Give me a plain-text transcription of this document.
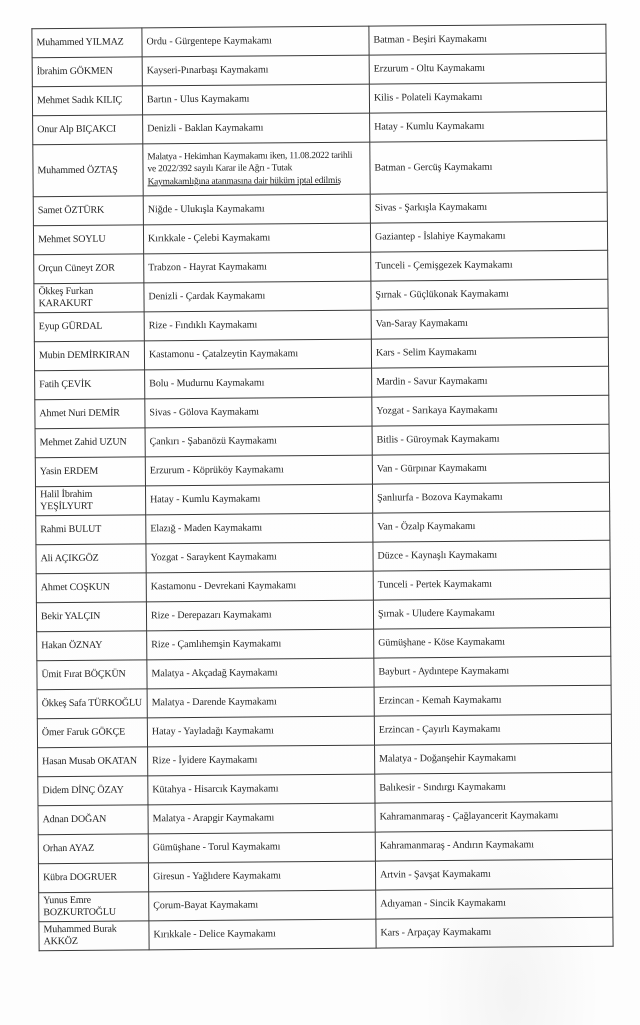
Muhammed YILMAZ	Ordu - Gürgentepe Kaymakamı	Batman - Beşiri Kaymakamı
İbrahim GÖKMEN	Kayseri-Pınarbaşı Kaymakamı	Erzurum - Oltu Kaymakamı
Mehmet Sadık KILIÇ	Bartın - Ulus Kaymakamı	Kilis - Polateli Kaymakamı
Onur Alp BIÇAKCI	Denizli - Baklan Kaymakamı	Hatay - Kumlu Kaymakamı
Muhammed ÖZTAŞ	Malatya - Hekimhan Kaymakamı iken, 11.08.2022 tarihli
ve 2022/392 sayılı Karar ile Ağrı - Tutak
Kaymakamlığına atanmasına dair hüküm iptal edilmiş	Batman - Gercüş Kaymakamı
Samet ÖZTÜRK	Niğde - Ulukışla Kaymakamı	Sivas - Şarkışla Kaymakamı
Mehmet SOYLU	Kırıkkale - Çelebi Kaymakamı	Gaziantep - İslahiye Kaymakamı
Orçun Cüneyt ZOR	Trabzon - Hayrat Kaymakamı	Tunceli - Çemişgezek Kaymakamı
Ökkeş Furkan KARAKURT	Denizli - Çardak Kaymakamı	Şırnak - Güçlükonak Kaymakamı
Eyup GÜRDAL	Rize - Fındıklı Kaymakamı	Van-Saray Kaymakamı
Mubin DEMİRKIRAN	Kastamonu - Çatalzeytin Kaymakamı	Kars - Selim Kaymakamı
Fatih ÇEVİK	Bolu - Mudurnu Kaymakamı	Mardin - Savur Kaymakamı
Ahmet Nuri DEMİR	Sivas - Gölova Kaymakamı	Yozgat - Sarıkaya Kaymakamı
Mehmet Zahid UZUN	Çankırı - Şabanözü Kaymakamı	Bitlis - Güroymak Kaymakamı
Yasin ERDEM	Erzurum - Köprüköy Kaymakamı	Van - Gürpınar Kaymakamı
Halil İbrahim YEŞİLYURT	Hatay - Kumlu Kaymakamı	Şanlıurfa - Bozova Kaymakamı
Rahmi BULUT	Elazığ - Maden Kaymakamı	Van - Özalp Kaymakamı
Ali AÇIKGÖZ	Yozgat - Saraykent Kaymakamı	Düzce - Kaynaşlı Kaymakamı
Ahmet COŞKUN	Kastamonu - Devrekani Kaymakamı	Tunceli - Pertek Kaymakamı
Bekir YALÇIN	Rize - Derepazarı Kaymakamı	Şırnak - Uludere Kaymakamı
Hakan ÖZNAY	Rize - Çamlıhemşin Kaymakamı	Gümüşhane - Köse Kaymakamı
Ümit Fırat BÖÇKÜN	Malatya - Akçadağ Kaymakamı	Bayburt - Aydıntepe Kaymakamı
Ökkeş Safa TÜRKOĞLU	Malatya - Darende Kaymakamı	Erzincan - Kemah Kaymakamı
Ömer Faruk GÖKÇE	Hatay - Yayladağı Kaymakamı	Erzincan - Çayırlı Kaymakamı
Hasan Musab OKATAN	Rize - İyidere Kaymakamı	Malatya - Doğanşehir Kaymakamı
Didem DİNÇ ÖZAY	Kütahya - Hisarcık Kaymakamı	Balıkesir - Sındırgı Kaymakamı
Adnan DOĞAN	Malatya - Arapgir Kaymakamı	Kahramanmaraş - Çağlayancerit Kaymakamı
Orhan AYAZ	Gümüşhane - Torul Kaymakamı	Kahramanmaraş - Andırın Kaymakamı
Kübra DOGRUER	Giresun - Yağlıdere Kaymakamı	Artvin - Şavşat Kaymakamı
Yunus Emre
BOZKURTOĞLU	Çorum-Bayat Kaymakamı	Adıyaman - Sincik Kaymakamı
Muhammed Burak AKKÖZ	Kırıkkale - Delice Kaymakamı	Kars - Arpaçay Kaymakamı
